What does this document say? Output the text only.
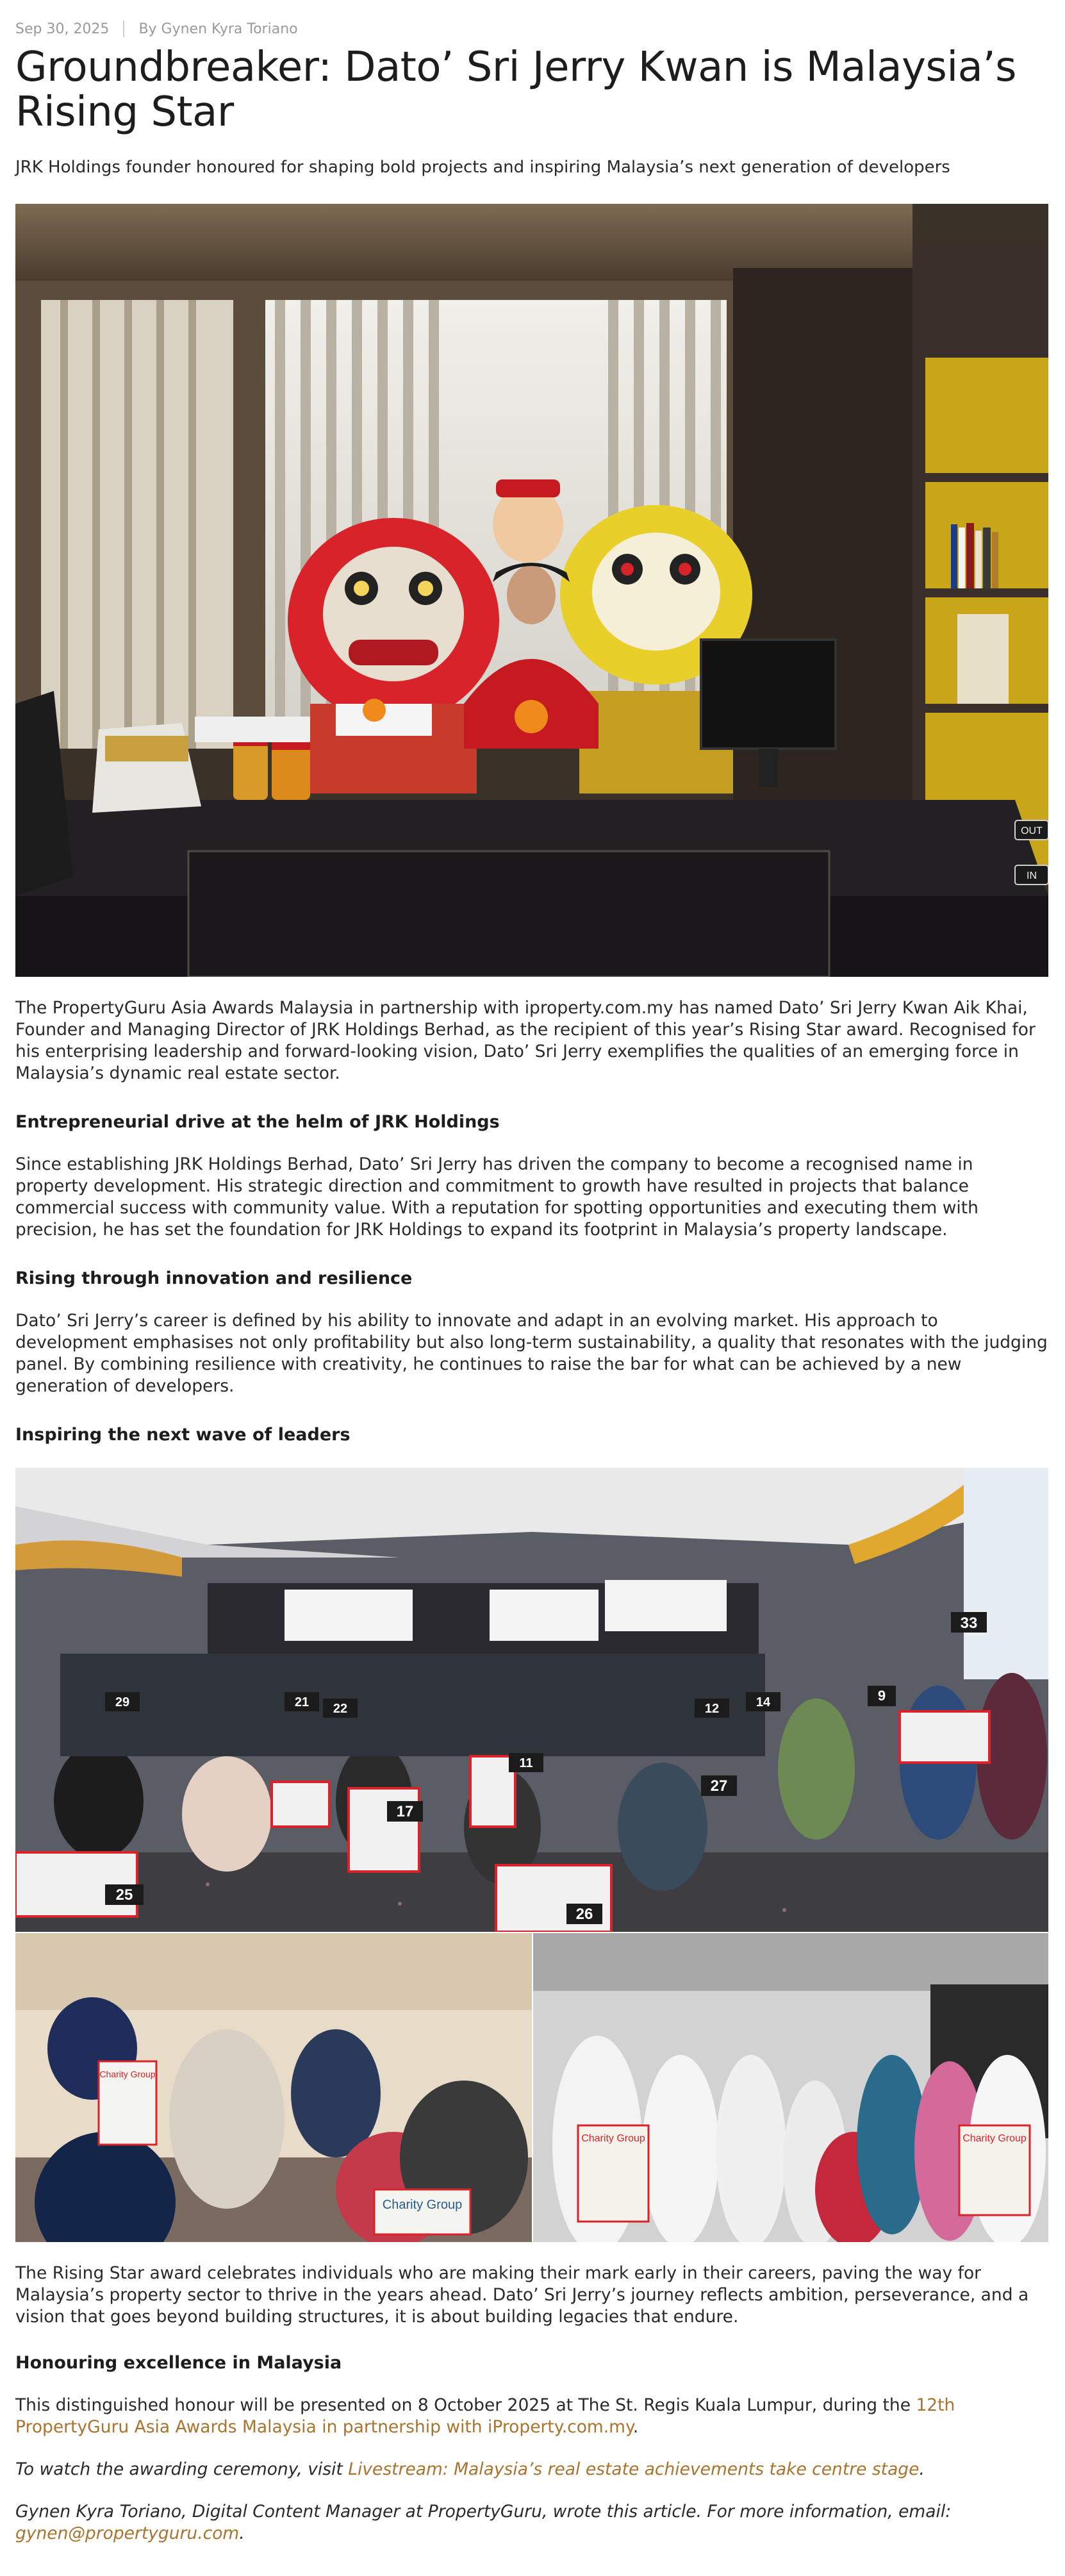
Sep 30, 2025 By Gynen Kyra Toriano
Groundbreaker: Dato’ Sri Jerry Kwan is Malaysia’s Rising Star
JRK Holdings founder honoured for shaping bold projects and inspiring Malaysia’s next generation of developers
OUT
IN

The PropertyGuru Asia Awards Malaysia in partnership with iproperty.com.my has named Dato’ Sri Jerry Kwan Aik Khai, Founder and Managing Director of JRK Holdings Berhad, as the recipient of this year’s Rising Star award. Recognised for his enterprising leadership and forward-looking vision, Dato’ Sri Jerry exemplifies the qualities of an emerging force in Malaysia’s dynamic real estate sector.

Entrepreneurial drive at the helm of JRK Holdings

Since establishing JRK Holdings Berhad, Dato’ Sri Jerry has driven the company to become a recognised name in property development. His strategic direction and commitment to growth have resulted in projects that balance commercial success with community value. With a reputation for spotting opportunities and executing them with precision, he has set the foundation for JRK Holdings to expand its footprint in Malaysia’s property landscape.

Rising through innovation and resilience

Dato’ Sri Jerry’s career is defined by his ability to innovate and adapt in an evolving market. His approach to development emphasises not only profitability but also long-term sustainability, a quality that resonates with the judging panel. By combining resilience with creativity, he continues to raise the bar for what can be achieved by a new generation of developers.

Inspiring the next wave of leaders
29	21 22	12	14
33
9
17
11
27
25
26
Charity Group
Charity Group
Charity Group	Charity Group

The Rising Star award celebrates individuals who are making their mark early in their careers, paving the way for Malaysia’s property sector to thrive in the years ahead. Dato’ Sri Jerry’s journey reflects ambition, perseverance, and a vision that goes beyond building structures, it is about building legacies that endure.

Honouring excellence in Malaysia

This distinguished honour will be presented on 8 October 2025 at The St. Regis Kuala Lumpur, during the 12th PropertyGuru Asia Awards Malaysia in partnership with iProperty.com.my.

To watch the awarding ceremony, visit Livestream: Malaysia’s real estate achievements take centre stage.

Gynen Kyra Toriano, Digital Content Manager at PropertyGuru, wrote this article. For more information, email: gynen@propertyguru.com.
